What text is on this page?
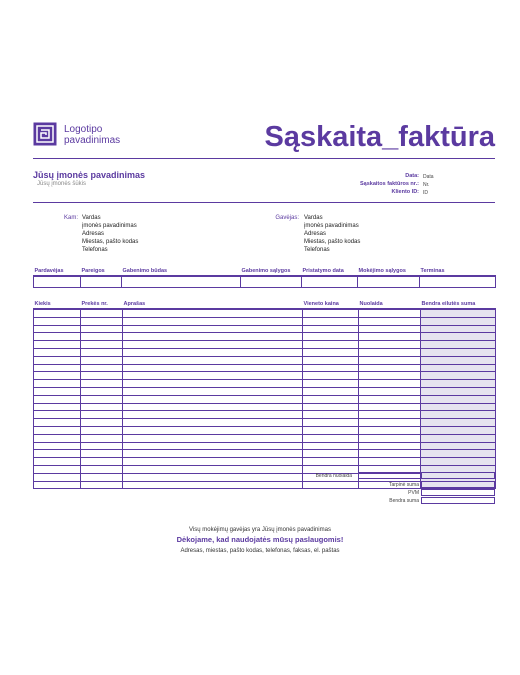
Logotipo
pavadinimas	Sąskaita_faktūra
Jūsų įmonės pavadinimas
Jūsų įmonės šūkis
Data: Data
Sąskaitos faktūros nr.: Nr.
Kliento ID: ID
Kam: Vardas
įmonės pavadinimas
Adresas
Miestas, pašto kodas
Telefonas
Gavėjas: Vardas
įmonės pavadinimas
Adresas
Miestas, pašto kodas
Telefonas
Pardavėjas	Pareigos	Gabenimo būdas	Gabenimo sąlygos	Pristatymo data	Mokėjimo sąlygos	Terminas

Kiekis	Prekės nr.	Aprašas	Vieneto kaina	Nuolaida	Bendra eilutės suma

Bendra nuolaida
Tarpinė suma
PVM
Bendra suma
Visų mokėjimų gavėjas yra Jūsų įmonės pavadinimas
Dėkojame, kad naudojatės mūsų paslaugomis!
Adresas, miestas, pašto kodas, telefonas, faksas, el. paštas
